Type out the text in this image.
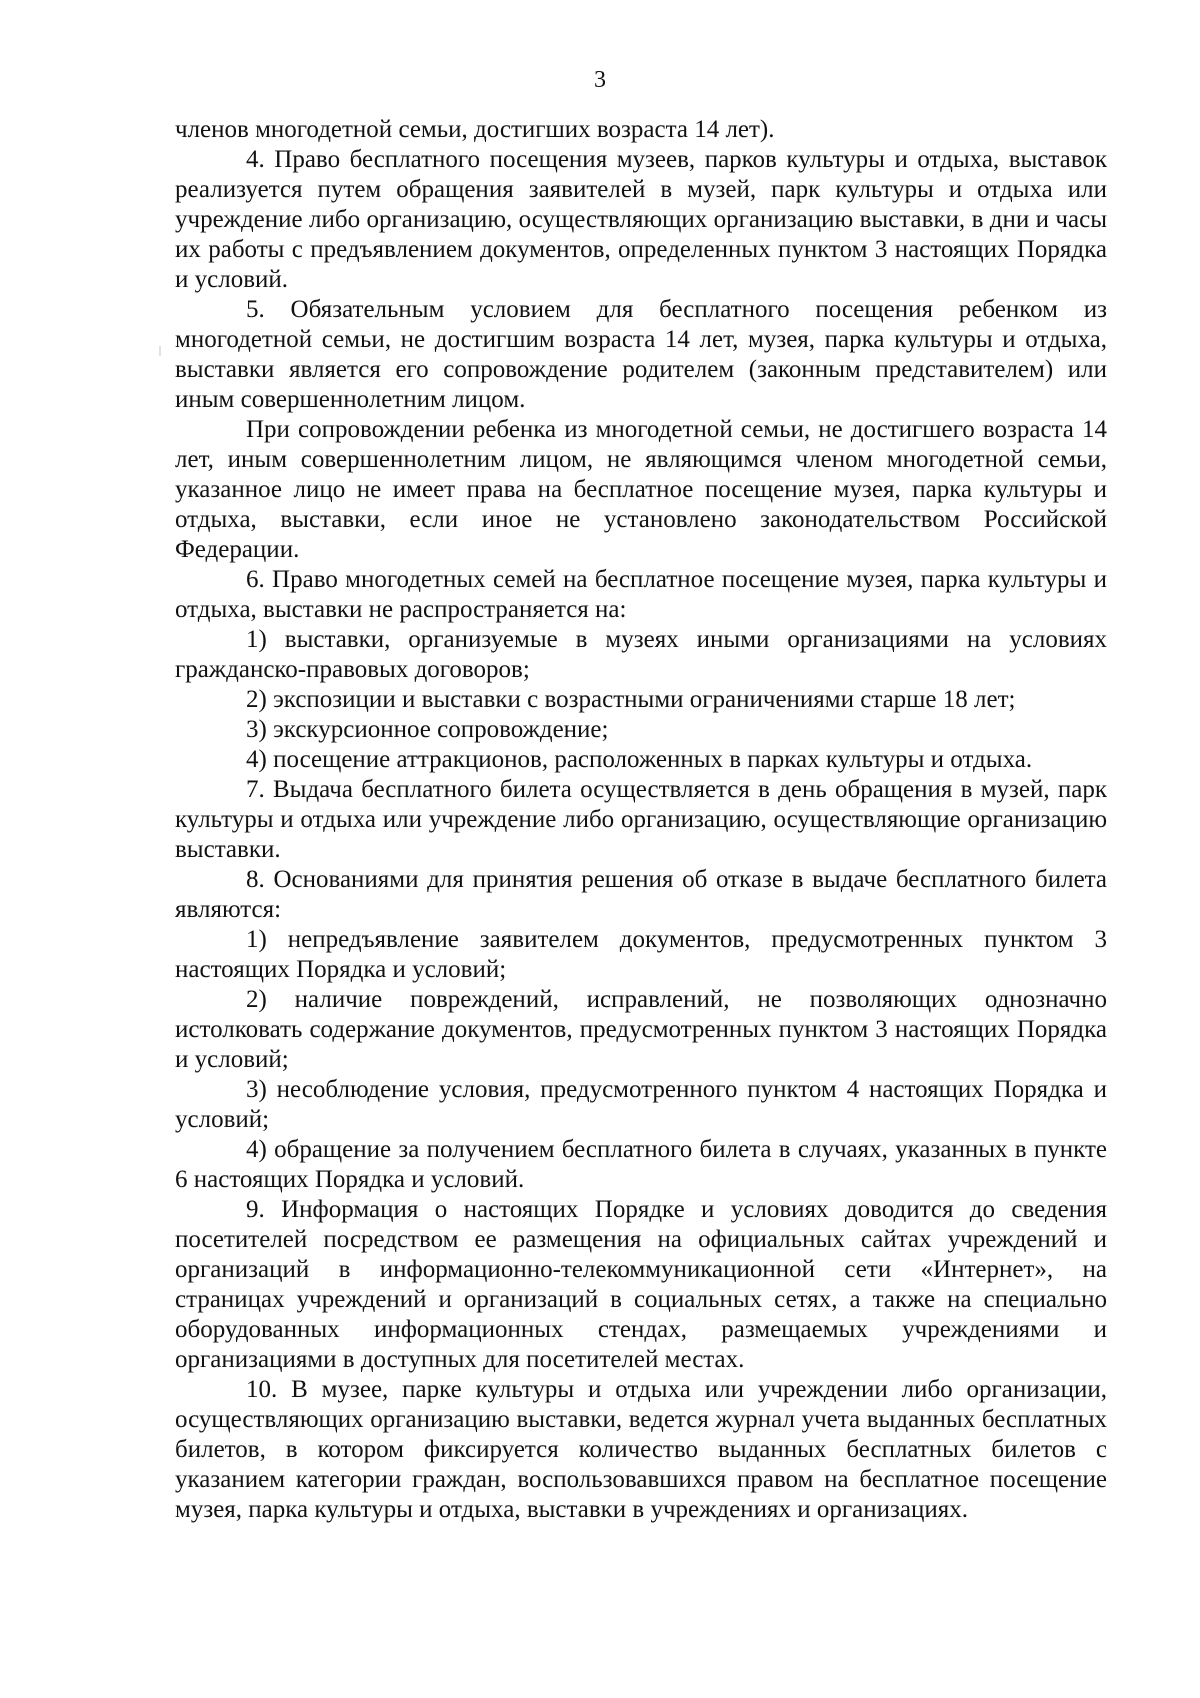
3

членов многодетной семьи, достигших возраста 14 лет).

4. Право бесплатного посещения музеев, парков культуры и отдыха, выставок реализуется путем обращения заявителей в музей, парк культуры и отдыха или учреждение либо организацию, осуществляющих организацию выставки, в дни и часы их работы с предъявлением документов, определенных пунктом 3 настоящих Порядка и условий.

5. Обязательным условием для бесплатного посещения ребенком из многодетной семьи, не достигшим возраста 14 лет, музея, парка культуры и отдыха, выставки является его сопровождение родителем (законным представителем) или иным совершеннолетним лицом.

При сопровождении ребенка из многодетной семьи, не достигшего возраста 14 лет, иным совершеннолетним лицом, не являющимся членом многодетной семьи, указанное лицо не имеет права на бесплатное посещение музея, парка культуры и отдыха, выставки, если иное не установлено законодательством Российской Федерации.

6. Право многодетных семей на бесплатное посещение музея, парка культуры и отдыха, выставки не распространяется на:

1) выставки, организуемые в музеях иными организациями на условиях гражданско-правовых договоров;

2) экспозиции и выставки с возрастными ограничениями старше 18 лет;

3) экскурсионное сопровождение;

4) посещение аттракционов, расположенных в парках культуры и отдыха.

7. Выдача бесплатного билета осуществляется в день обращения в музей, парк культуры и отдыха или учреждение либо организацию, осуществляющие организацию выставки.

8. Основаниями для принятия решения об отказе в выдаче бесплатного билета являются:

1) непредъявление заявителем документов, предусмотренных пунктом 3 настоящих Порядка и условий;

2) наличие повреждений, исправлений, не позволяющих однозначно истолковать содержание документов, предусмотренных пунктом 3 настоящих Порядка и условий;

3) несоблюдение условия, предусмотренного пунктом 4 настоящих Порядка и условий;

4) обращение за получением бесплатного билета в случаях, указанных в пункте 6 настоящих Порядка и условий.

9. Информация о настоящих Порядке и условиях доводится до сведения посетителей посредством ее размещения на официальных сайтах учреждений и организаций в информационно-телекоммуникационной сети «Интернет», на страницах учреждений и организаций в социальных сетях, а также на специально оборудованных информационных стендах, размещаемых учреждениями и организациями в доступных для посетителей местах.

10. В музее, парке культуры и отдыха или учреждении либо организации, осуществляющих организацию выставки, ведется журнал учета выданных бесплатных билетов, в котором фиксируется количество выданных бесплатных билетов с указанием категории граждан, воспользовавшихся правом на бесплатное посещение музея, парка культуры и отдыха, выставки в учреждениях и организациях.
